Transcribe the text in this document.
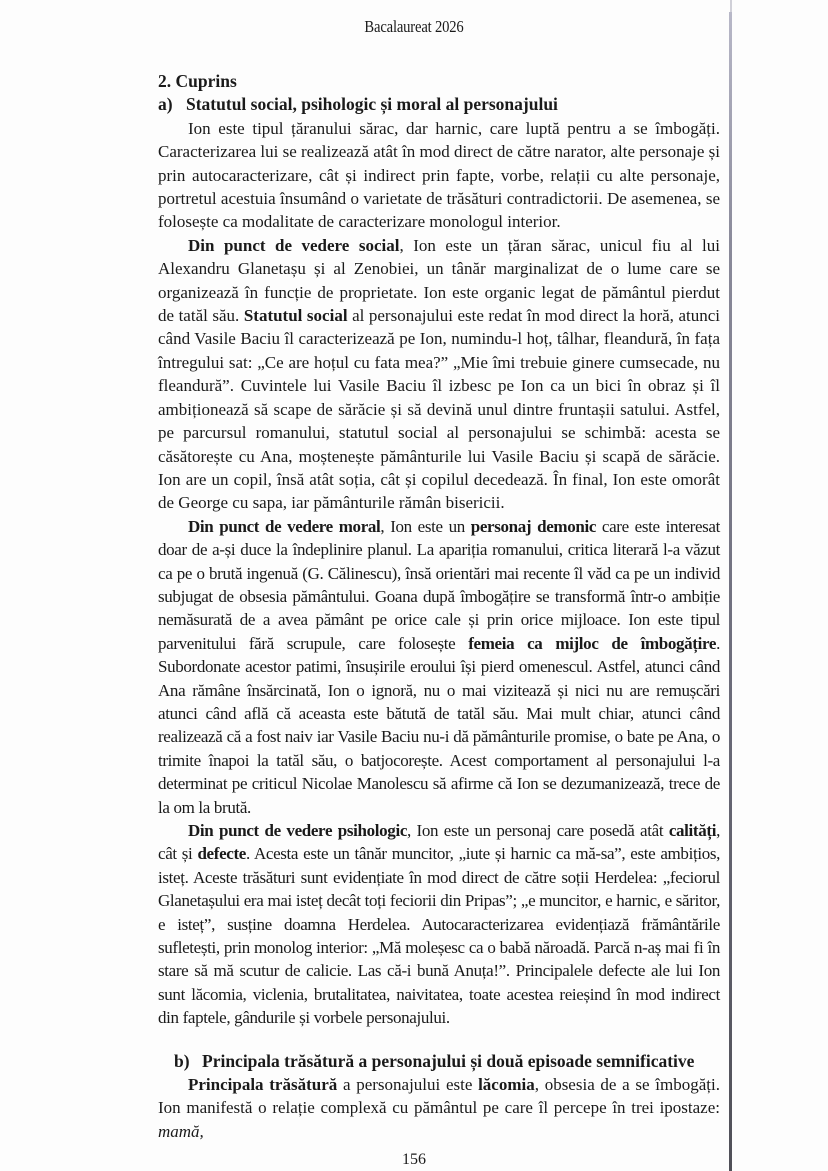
Bacalaureat 2026

2. Cuprins

a) Statutul social, psihologic și moral al personajului

Ion este tipul țăranului sărac, dar harnic, care luptă pentru a se îmbogăți. Caracterizarea lui se realizează atât în mod direct de către narator, alte personaje și prin autocaracterizare, cât și indirect prin fapte, vorbe, relații cu alte personaje, portretul acestuia însumând o varietate de trăsături contradictorii. De asemenea, se folosește ca modalitate de caracterizare monologul interior.

Din punct de vedere social, Ion este un țăran sărac, unicul fiu al lui Alexandru Glanetașu și al Zenobiei, un tânăr marginalizat de o lume care se organizează în funcție de proprietate. Ion este organic legat de pământul pierdut de tatăl său. Statutul social al personajului este redat în mod direct la horă, atunci când Vasile Baciu îl caracterizează pe Ion, numindu-l hoț, tâlhar, fleandură, în fața întregului sat: „Ce are hoțul cu fata mea?” „Mie îmi trebuie ginere cumsecade, nu fleandură”. Cuvintele lui Vasile Baciu îl izbesc pe Ion ca un bici în obraz și îl ambiționează să scape de sărăcie și să devină unul dintre fruntașii satului. Astfel, pe parcursul romanului, statutul social al personajului se schimbă: acesta se căsătorește cu Ana, moștenește pământurile lui Vasile Baciu și scapă de sărăcie. Ion are un copil, însă atât soția, cât și copilul decedează. În final, Ion este omorât de George cu sapa, iar pământurile rămân bisericii.

Din punct de vedere moral, Ion este un personaj demonic care este interesat doar de a-și duce la îndeplinire planul. La apariția romanului, critica literară l-a văzut ca pe o brută ingenuă (G. Călinescu), însă orientări mai recente îl văd ca pe un individ subjugat de obsesia pământului. Goana după îmbogățire se transformă într-o ambiție nemăsurată de a avea pământ pe orice cale și prin orice mijloace. Ion este tipul parvenitului fără scrupule, care folosește femeia ca mijloc de îmbogățire. Subordonate acestor patimi, însușirile eroului își pierd omenescul. Astfel, atunci când Ana rămâne însărcinată, Ion o ignoră, nu o mai vizitează și nici nu are remușcări atunci când află că aceasta este bătută de tatăl său. Mai mult chiar, atunci când realizează că a fost naiv iar Vasile Baciu nu-i dă pământurile promise, o bate pe Ana, o trimite înapoi la tatăl său, o batjocorește. Acest comportament al personajului l-a determinat pe criticul Nicolae Manolescu să afirme că Ion se dezumanizează, trece de la om la brută.

Din punct de vedere psihologic, Ion este un personaj care posedă atât calități, cât și defecte. Acesta este un tânăr muncitor, „iute și harnic ca mă-sa”, este ambițios, isteț. Aceste trăsături sunt evidențiate în mod direct de către soții Herdelea: „feciorul Glanetașului era mai isteț decât toți feciorii din Pripas”; „e muncitor, e harnic, e săritor, e isteț”, susține doamna Herdelea. Autocaracterizarea evidențiază frământările sufletești, prin monolog interior: „Mă moleșesc ca o babă năroadă. Parcă n-aș mai fi în stare să mă scutur de calicie. Las că-i bună Anuța!”. Principalele defecte ale lui Ion sunt lăcomia, viclenia, brutalitatea, naivitatea, toate acestea reieșind în mod indirect din faptele, gândurile și vorbele personajului.

b) Principala trăsătură a personajului și două episoade semnificative

Principala trăsătură a personajului este lăcomia, obsesia de a se îmbogăți. Ion manifestă o relație complexă cu pământul pe care îl percepe în trei ipostaze: mamă,

156
